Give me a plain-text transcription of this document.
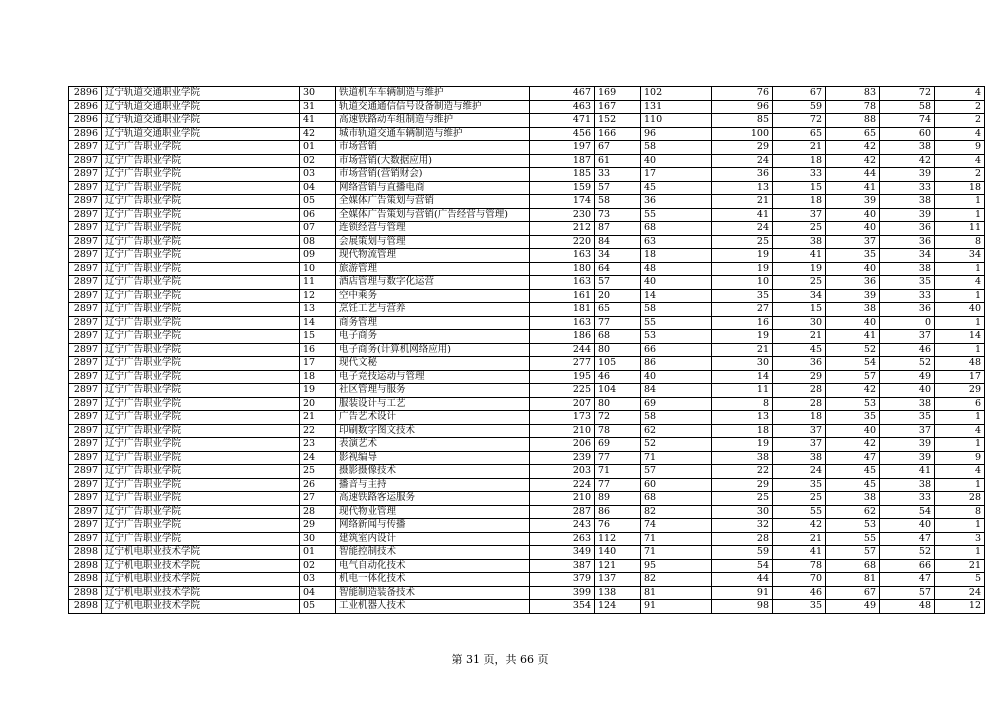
2896	辽宁轨道交通职业学院	30	铁道机车车辆制造与维护	467	169	102	76	67	83	72	4
2896	辽宁轨道交通职业学院	31	轨道交通通信信号设备制造与维护	463	167	131	96	59	78	58	2
2896	辽宁轨道交通职业学院	41	高速铁路动车组制造与维护	471	152	110	85	72	88	74	2
2896	辽宁轨道交通职业学院	42	城市轨道交通车辆制造与维护	456	166	96	100	65	65	60	4
2897	辽宁广告职业学院	01	市场营销	197	67	58	29	21	42	38	9
2897	辽宁广告职业学院	02	市场营销(大数据应用)	187	61	40	24	18	42	42	4
2897	辽宁广告职业学院	03	市场营销(营销财会)	185	33	17	36	33	44	39	2
2897	辽宁广告职业学院	04	网络营销与直播电商	159	57	45	13	15	41	33	18
2897	辽宁广告职业学院	05	全媒体广告策划与营销	174	58	36	21	18	39	38	1
2897	辽宁广告职业学院	06	全媒体广告策划与营销(广告经营与管理)	230	73	55	41	37	40	39	1
2897	辽宁广告职业学院	07	连锁经营与管理	212	87	68	24	25	40	36	11
2897	辽宁广告职业学院	08	会展策划与管理	220	84	63	25	38	37	36	8
2897	辽宁广告职业学院	09	现代物流管理	163	34	18	19	41	35	34	34
2897	辽宁广告职业学院	10	旅游管理	180	64	48	19	19	40	38	1
2897	辽宁广告职业学院	11	酒店管理与数字化运营	163	57	40	10	25	36	35	4
2897	辽宁广告职业学院	12	空中乘务	161	20	14	35	34	39	33	1
2897	辽宁广告职业学院	13	烹饪工艺与营养	181	65	58	27	15	38	36	40
2897	辽宁广告职业学院	14	商务管理	163	77	55	16	30	40	0	1
2897	辽宁广告职业学院	15	电子商务	186	68	53	19	21	41	37	14
2897	辽宁广告职业学院	16	电子商务(计算机网络应用)	244	80	66	21	45	52	46	1
2897	辽宁广告职业学院	17	现代文秘	277	105	86	30	36	54	52	48
2897	辽宁广告职业学院	18	电子竞技运动与管理	195	46	40	14	29	57	49	17
2897	辽宁广告职业学院	19	社区管理与服务	225	104	84	11	28	42	40	29
2897	辽宁广告职业学院	20	服装设计与工艺	207	80	69	8	28	53	38	6
2897	辽宁广告职业学院	21	广告艺术设计	173	72	58	13	18	35	35	1
2897	辽宁广告职业学院	22	印刷数字图文技术	210	78	62	18	37	40	37	4
2897	辽宁广告职业学院	23	表演艺术	206	69	52	19	37	42	39	1
2897	辽宁广告职业学院	24	影视编导	239	77	71	38	38	47	39	9
2897	辽宁广告职业学院	25	摄影摄像技术	203	71	57	22	24	45	41	4
2897	辽宁广告职业学院	26	播音与主持	224	77	60	29	35	45	38	1
2897	辽宁广告职业学院	27	高速铁路客运服务	210	89	68	25	25	38	33	28
2897	辽宁广告职业学院	28	现代物业管理	287	86	82	30	55	62	54	8
2897	辽宁广告职业学院	29	网络新闻与传播	243	76	74	32	42	53	40	1
2897	辽宁广告职业学院	30	建筑室内设计	263	112	71	28	21	55	47	3
2898	辽宁机电职业技术学院	01	智能控制技术	349	140	71	59	41	57	52	1
2898	辽宁机电职业技术学院	02	电气自动化技术	387	121	95	54	78	68	66	21
2898	辽宁机电职业技术学院	03	机电一体化技术	379	137	82	44	70	81	47	5
2898	辽宁机电职业技术学院	04	智能制造装备技术	399	138	81	91	46	67	57	24
2898	辽宁机电职业技术学院	05	工业机器人技术	354	124	91	98	35	49	48	12
第 31 页，共 66 页
